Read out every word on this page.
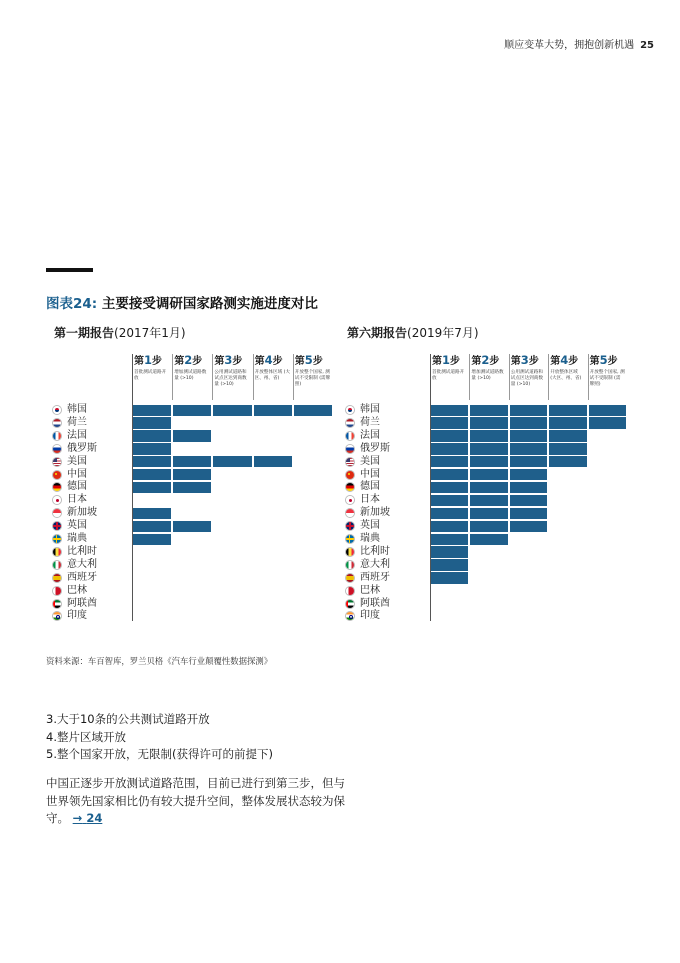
顺应变革大势，拥抱创新机遇 25
图表24: 主要接受调研国家路测实施进度对比
第一期报告(2017年1月)
第1步
首批测试道路开放
第2步
增加测试道路数量 (>10)
第3步
公用测试道路和试点区达到商数量 (>10)
第4步
开放整体区域 (大区、州、省)
第5步
开放整个国家, 测试不受限制 (需牌照)
韩国
荷兰
法国
俄罗斯
美国
中国
德国
日本
新加坡
英国
瑞典
比利时
意大利
西班牙
巴林
阿联酋
印度
第六期报告(2019年7月)
第1步
首批测试道路开放
第2步
增加测试道路数量 (>10)
第3步
公用测试道路和试点区达到商数量 (>10)
第4步
开放整体区域 (大区、州、省)
第5步
开放整个国家, 测试不受限制 (需牌照)
韩国
荷兰
法国
俄罗斯
美国
中国
德国
日本
新加坡
英国
瑞典
比利时
意大利
西班牙
巴林
阿联酋
印度
资料来源：车百智库，罗兰贝格《汽车行业颠覆性数据探测》
3.大于10条的公共测试道路开放
4.整片区域开放
5.整个国家开放，无限制(获得许可的前提下)
中国正逐步开放测试道路范围，目前已进行到第三步，但与世界领先国家相比仍有较大提升空间，整体发展状态较为保守。 → 24
